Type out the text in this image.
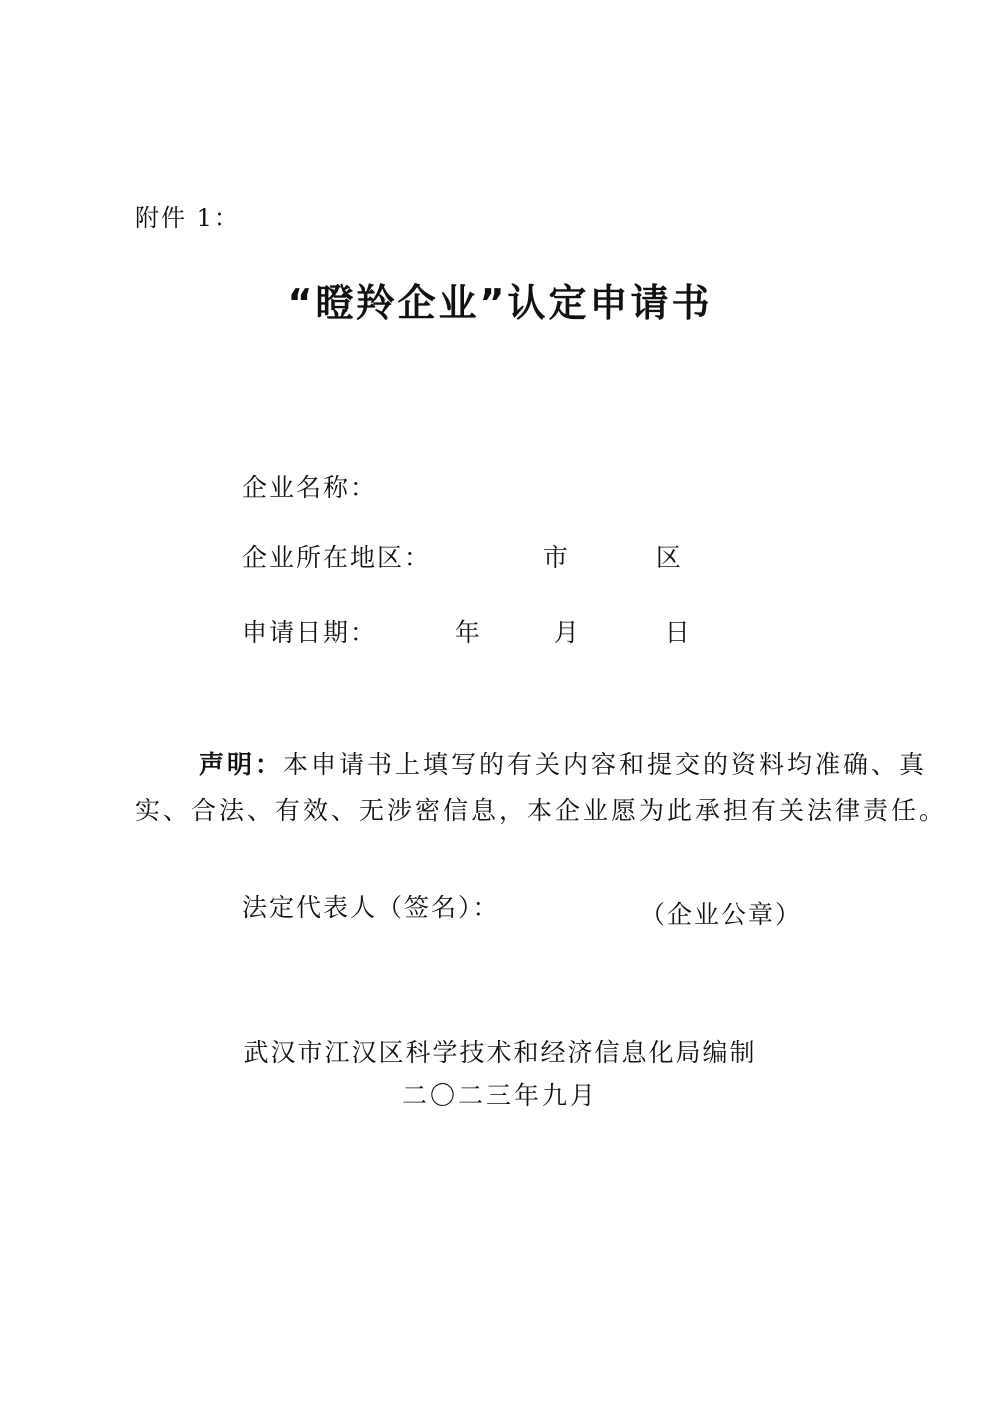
附件 1：
“瞪羚企业”认定申请书
企业名称：
企业所在地区：	市	区
申请日期：	年	月	日
声明：本申请书上填写的有关内容和提交的资料均准确、真
实、合法、有效、无涉密信息，本企业愿为此承担有关法律责任。
法定代表人（签名）：	（企业公章）
武汉市江汉区科学技术和经济信息化局编制
二〇二三年九月
